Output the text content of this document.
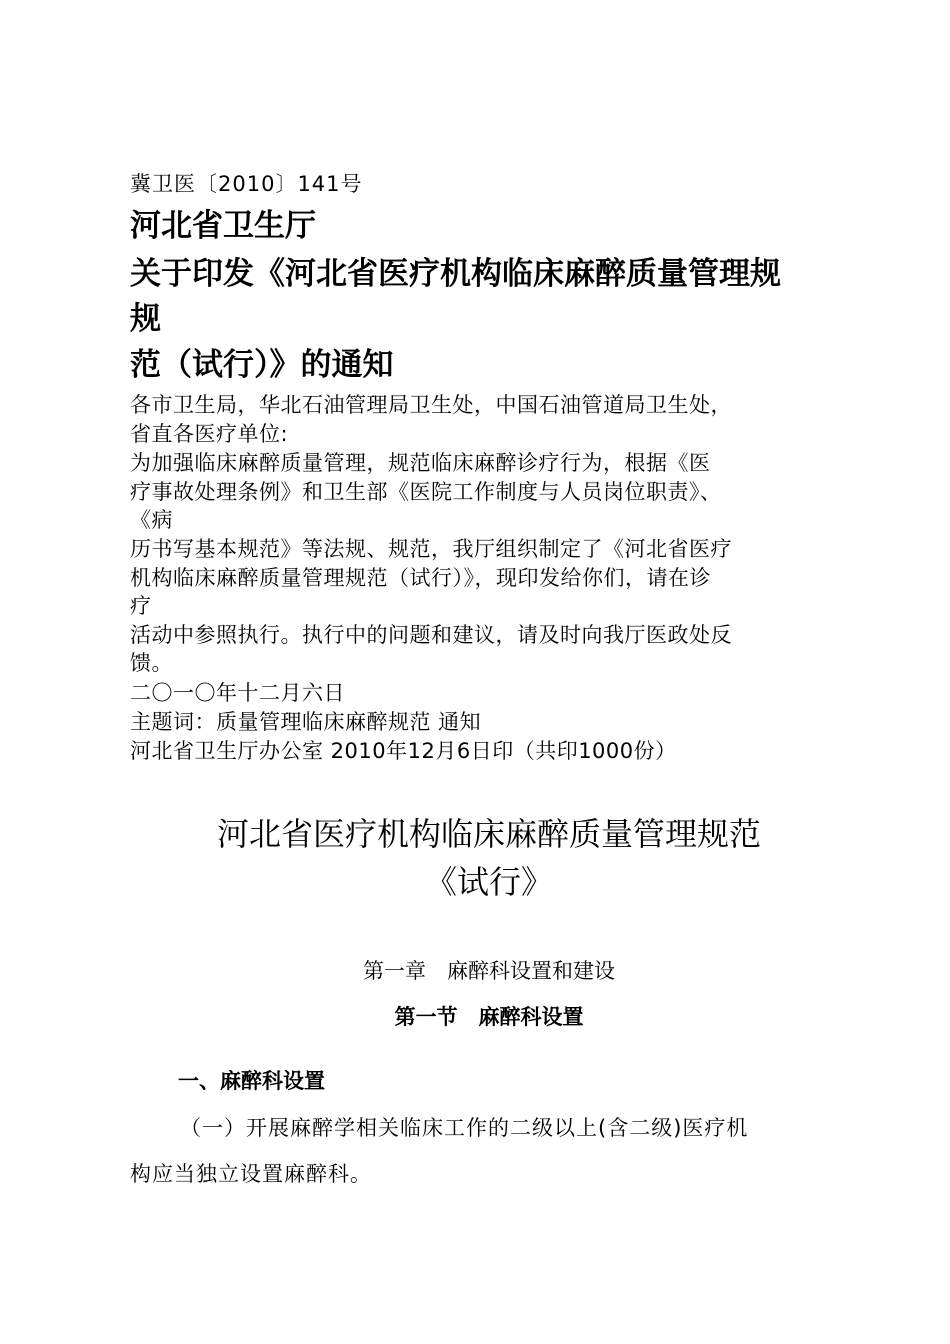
冀卫医〔2010〕141号

河北省卫生厅

关于印发《河北省医疗机构临床麻醉质量管理规

规

范（试行）》的通知

各市卫生局，华北石油管理局卫生处，中国石油管道局卫生处，

省直各医疗单位:

为加强临床麻醉质量管理，规范临床麻醉诊疗行为，根据《医

疗事故处理条例》和卫生部《医院工作制度与人员岗位职责》、

《病

历书写基本规范》等法规、规范，我厅组织制定了《河北省医疗

机构临床麻醉质量管理规范（试行）》，现印发给你们，请在诊

疗

活动中参照执行。执行中的问题和建议，请及时向我厅医政处反

馈。

二〇一〇年十二月六日

主题词：质量管理临床麻醉规范 通知

河北省卫生厅办公室 2010年12月6日印（共印1000份）

河北省医疗机构临床麻醉质量管理规范

《试行》

第一章　麻醉科设置和建设

第一节　麻醉科设置

一、麻醉科设置

（一）开展麻醉学相关临床工作的二级以上(含二级)医疗机

构应当独立设置麻醉科。
